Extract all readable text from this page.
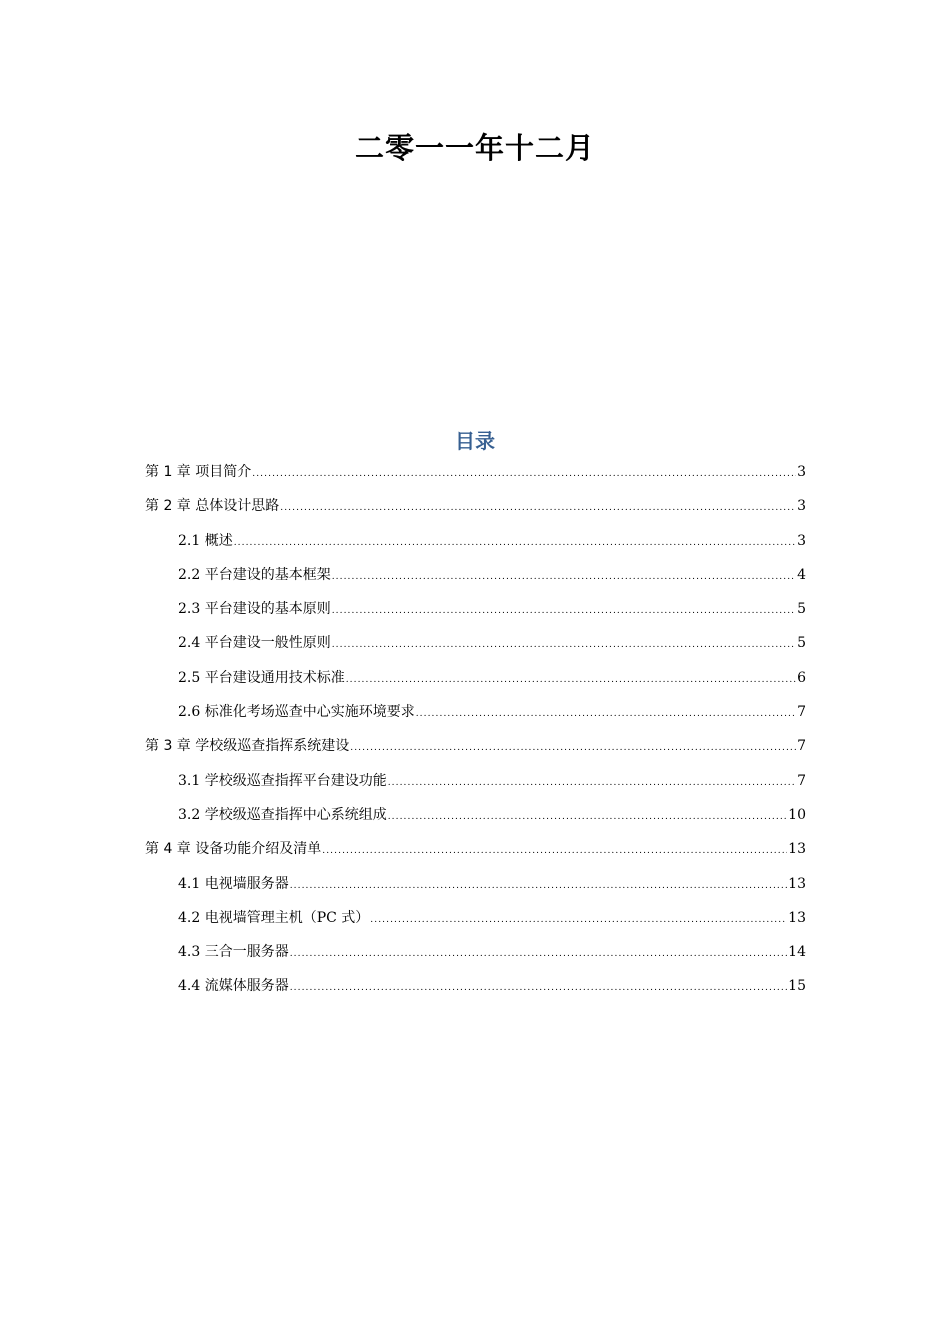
二零一一年十二月
目录
第 1 章 项目简介 .....	3
第 2 章 总体设计思路 .....	3
2.1 概述 .....	3
2.2 平台建设的基本框架 .....	4
2.3 平台建设的基本原则 .....	5
2.4 平台建设一般性原则 .....	5
2.5 平台建设通用技术标准 .....	6
2.6 标准化考场巡查中心实施环境要求 .....	7
第 3 章 学校级巡查指挥系统建设 .....	7
3.1 学校级巡查指挥平台建设功能 .....	7
3.2 学校级巡查指挥中心系统组成 .....	10
第 4 章 设备功能介绍及清单 .....	13
4.1 电视墙服务器 .....	13
4.2 电视墙管理主机（PC 式） .....	13
4.3 三合一服务器 .....	14
4.4 流媒体服务器 .....	15
